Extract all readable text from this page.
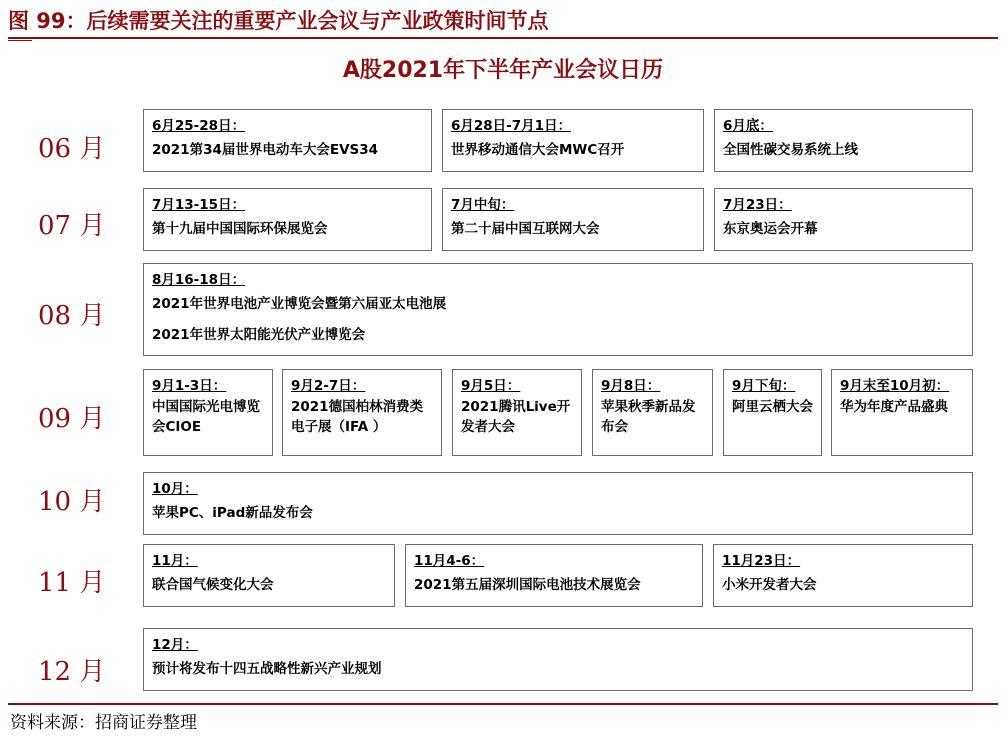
图 99：后续需要关注的重要产业会议与产业政策时间节点
A股2021年下半年产业会议日历
06 月
07 月
08 月
09 月
10 月
11 月
12 月
6月25-28日：
2021第34届世界电动车大会EVS34
6月28日-7月1日：
世界移动通信大会MWC召开
6月底：
全国性碳交易系统上线
7月13-15日：
第十九届中国国际环保展览会
7月中旬：
第二十届中国互联网大会
7月23日：
东京奥运会开幕
8月16-18日：
2021年世界电池产业博览会暨第六届亚太电池展
2021年世界太阳能光伏产业博览会
9月1-3日：
中国国际光电博览会CIOE
9月2-7日：
2021德国柏林消费类电子展（IFA ）
9月5日：
2021腾讯Live开发者大会
9月8日：
苹果秋季新品发布会
9月下旬：
阿里云栖大会
9月末至10月初：
华为年度产品盛典
10月：
苹果PC、iPad新品发布会
11月：
联合国气候变化大会
11月4-6：
2021第五届深圳国际电池技术展览会
11月23日：
小米开发者大会
12月：
预计将发布十四五战略性新兴产业规划
资料来源：招商证券整理
